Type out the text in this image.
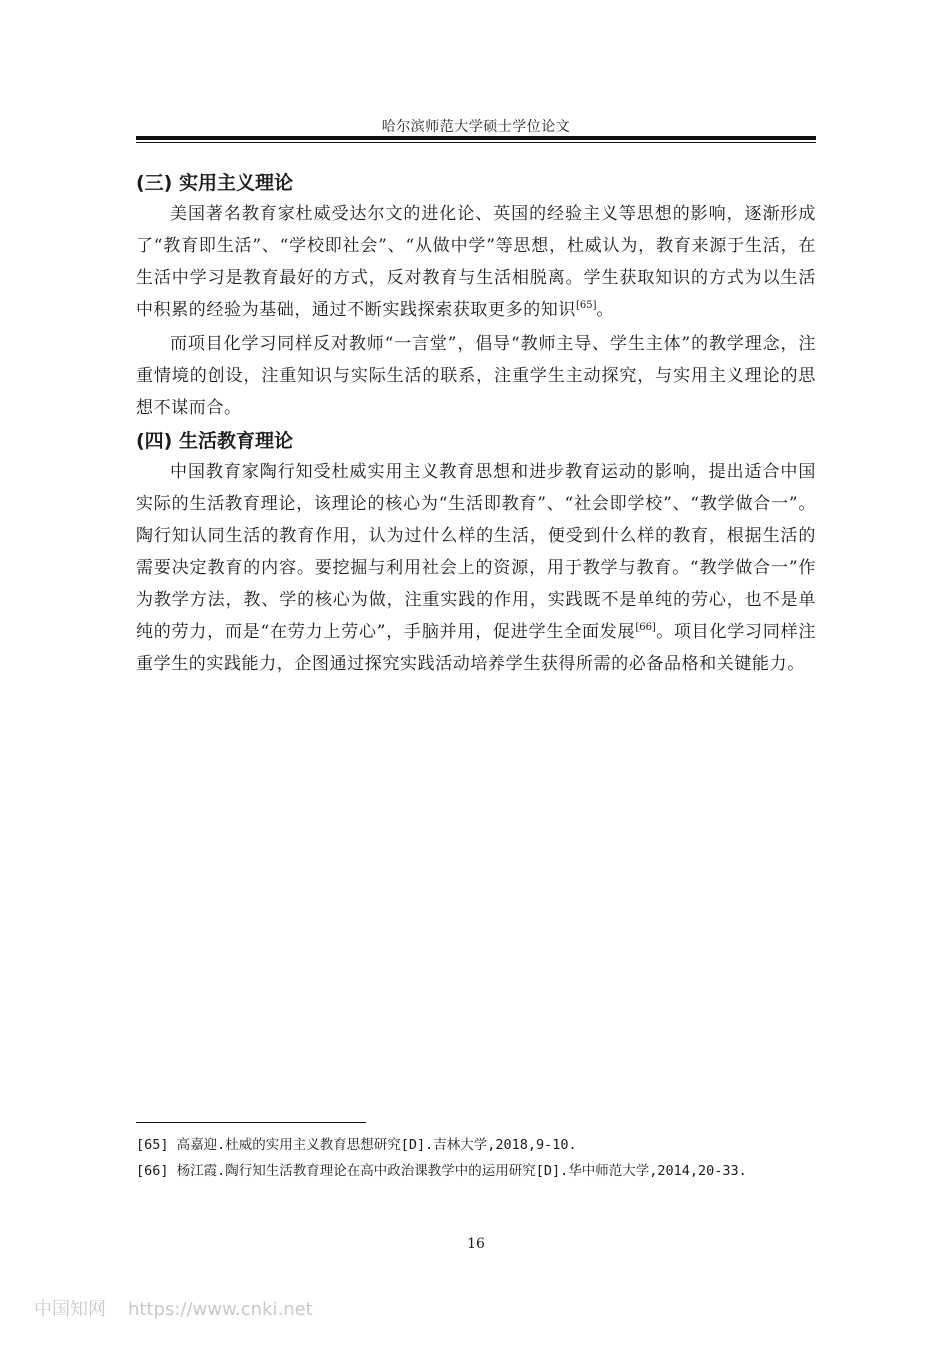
哈尔滨师范大学硕士学位论文
(三) 实用主义理论

美国著名教育家杜威受达尔文的进化论、英国的经验主义等思想的影响，逐渐形成了“教育即生活”、“学校即社会”、“从做中学”等思想，杜威认为，教育来源于生活，在生活中学习是教育最好的方式，反对教育与生活相脱离。学生获取知识的方式为以生活中积累的经验为基础，通过不断实践探索获取更多的知识[65]。

而项目化学习同样反对教师“一言堂”，倡导“教师主导、学生主体”的教学理念，注重情境的创设，注重知识与实际生活的联系，注重学生主动探究，与实用主义理论的思想不谋而合。

(四) 生活教育理论

中国教育家陶行知受杜威实用主义教育思想和进步教育运动的影响，提出适合中国实际的生活教育理论，该理论的核心为“生活即教育”、“社会即学校”、“教学做合一”。陶行知认同生活的教育作用，认为过什么样的生活，便受到什么样的教育，根据生活的需要决定教育的内容。要挖掘与利用社会上的资源，用于教学与教育。“教学做合一”作为教学方法，教、学的核心为做，注重实践的作用，实践既不是单纯的劳心，也不是单纯的劳力，而是“在劳力上劳心”，手脑并用，促进学生全面发展[66]。项目化学习同样注重学生的实践能力，企图通过探究实践活动培养学生获得所需的必备品格和关键能力。

[65] 高嘉迎.杜威的实用主义教育思想研究[D].吉林大学,2018,9-10.

[66] 杨江霞.陶行知生活教育理论在高中政治课教学中的运用研究[D].华中师范大学,2014,20-33.

16
中国知网 https://www.cnki.net
